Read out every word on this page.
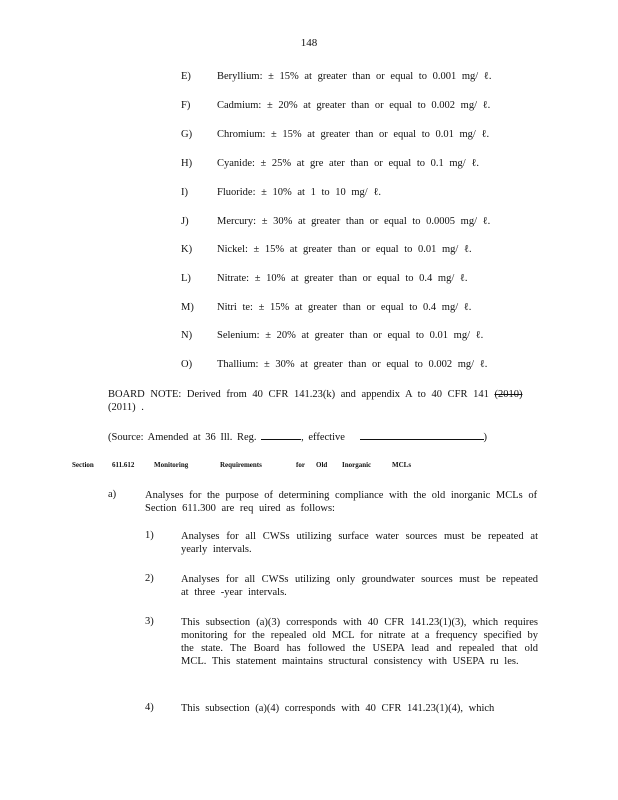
148
E) Beryllium: ± 15% at greater than or equal to 0.001 mg/ ℓ.
F)	Cadmium: ± 20% at greater than or equal to 0.002 mg/ ℓ.
G) Chromium: ± 15% at greater than or equal to 0.01 mg/ ℓ.
H) Cyanide: ± 25% at gre ater than or equal to 0.1 mg/ ℓ.
I)	Fluoride: ± 10% at 1 to 10 mg/ ℓ.
J)	Mercury: ± 30% at greater than or equal to 0.0005 mg/ ℓ.
K) Nickel: ± 15% at greater than or equal to 0.01 mg/ ℓ.
L) Nitrate: ± 10% at greater than or equal to 0.4 mg/ ℓ.
M) Nitri te: ± 15% at greater than or equal to 0.4 mg/ ℓ.
N) Selenium: ± 20% at greater than or equal to 0.01 mg/ ℓ.
O) Thallium: ± 30% at greater than or equal to 0.002 mg/ ℓ.
BOARD NOTE: Derived from 40 CFR 141.23(k) and appendix A to 40 CFR 141 (2010) (2011) .
(Source: Amended at 36 Ill. Reg.	, effective	)
Section	611.612	Monitoring	Requirements	for Old Inorganic	MCLs
a)	Analyses for the purpose of determining compliance with the old inorganic MCLs of Section 611.300 are req uired as follows:
1)	Analyses for all CWSs utilizing surface water sources must be repeated at yearly intervals.
2)	Analyses for all CWSs utilizing only groundwater sources must be repeated at three -year intervals.
3)	This subsection (a)(3) corresponds with 40 CFR 141.23(1)(3), which requires monitoring for the repealed old MCL for nitrate at a frequency specified by the state. The Board has followed the USEPA lead and repealed that old MCL. This statement maintains structural consistency with USEPA ru les.
4)	This subsection (a)(4) corresponds with 40 CFR 141.23(1)(4), which
